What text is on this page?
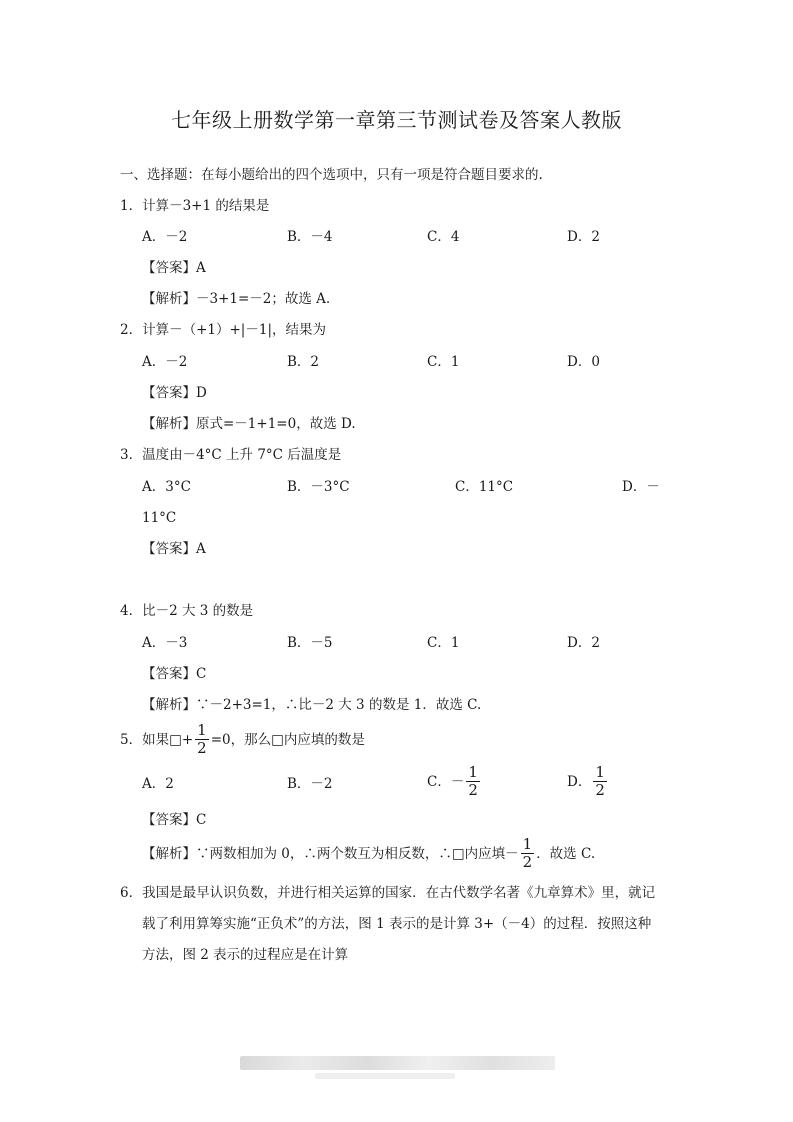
七年级上册数学第一章第三节测试卷及答案人教版
一、选择题：在每小题给出的四个选项中，只有一项是符合题目要求的.
1．计算－3+1 的结果是
A．－2	B．－4	C．4	D．2
【答案】A
【解析】－3+1=－2；故选 A.
2．计算－（+1）+|－1|，结果为
A．－2	B．2	C．1	D．0
【答案】D
【解析】原式=－1+1=0，故选 D.
3．温度由－4°C 上升 7°C 后温度是
A．3°C	B．－3°C	C．11°C	D．－
11°C
【答案】A
4．比－2 大 3 的数是
A．－3	B．－5	C．1	D．2
【答案】C
【解析】∵－2+3=1，∴比－2 大 3 的数是 1．故选 C.
5．如果□+ $\frac{1}{2} =0$，那么□内应填的数是
A．2	B．－2	C．－ $\frac{1}{2}$	D． $\frac{1}{2}$
【答案】C
【解析】∵两数相加为 0，∴两个数互为相反数，∴□内应填－ $\frac{1}{2}$ ．故选 C.
6．我国是最早认识负数，并进行相关运算的国家．在古代数学名著《九章算术》里，就记
载了利用算筹实施“正负术”的方法，图 1 表示的是计算 3+（－4）的过程．按照这种
方法，图 2 表示的过程应是在计算
